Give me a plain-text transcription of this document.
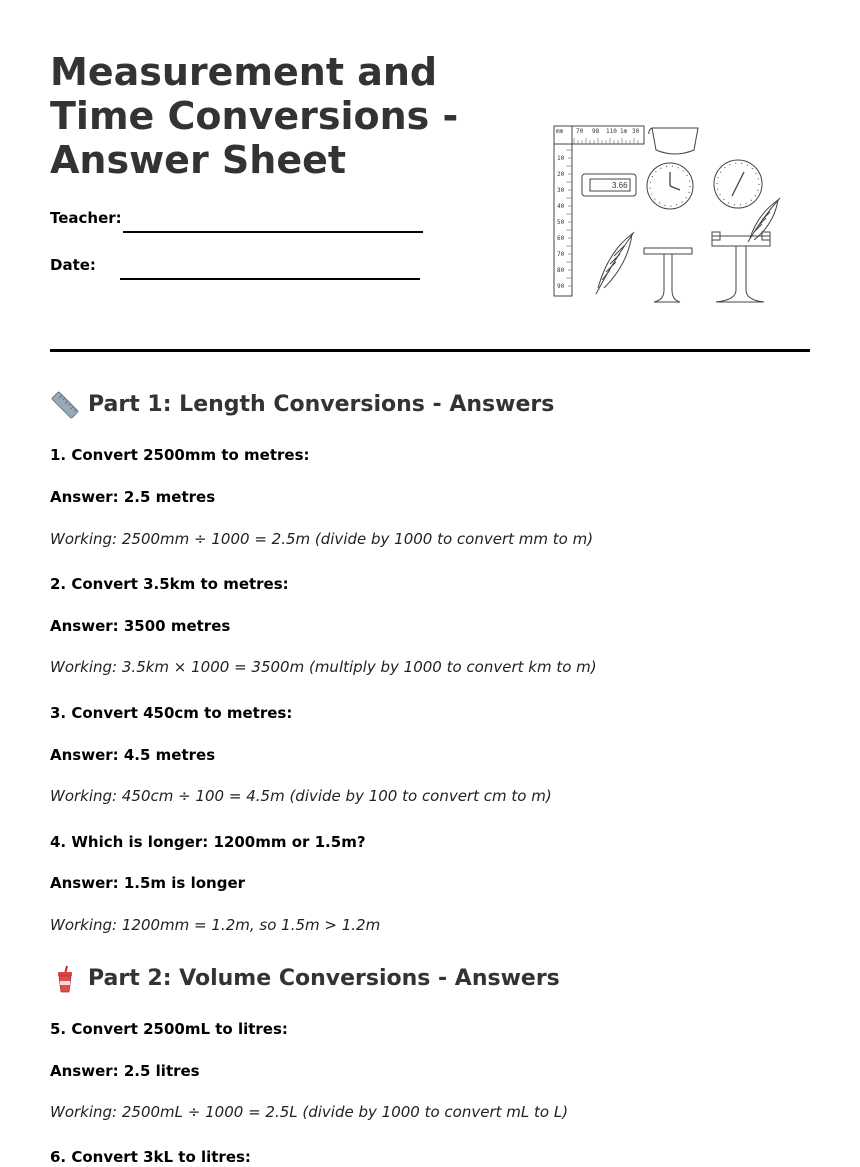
Measurement and Time Conversions - Answer Sheet
Teacher:
Date:
mm 70 98 110 1m 30
10
20
30
40
50
60
70
80
90
3.66
Part 1: Length Conversions - Answers
1. Convert 2500mm to metres:
Answer: 2.5 metres
Working: 2500mm ÷ 1000 = 2.5m (divide by 1000 to convert mm to m)
2. Convert 3.5km to metres:
Answer: 3500 metres
Working: 3.5km × 1000 = 3500m (multiply by 1000 to convert km to m)
3. Convert 450cm to metres:
Answer: 4.5 metres
Working: 450cm ÷ 100 = 4.5m (divide by 100 to convert cm to m)
4. Which is longer: 1200mm or 1.5m?
Answer: 1.5m is longer
Working: 1200mm = 1.2m, so 1.5m > 1.2m
Part 2: Volume Conversions - Answers
5. Convert 2500mL to litres:
Answer: 2.5 litres
Working: 2500mL ÷ 1000 = 2.5L (divide by 1000 to convert mL to L)
6. Convert 3kL to litres:
